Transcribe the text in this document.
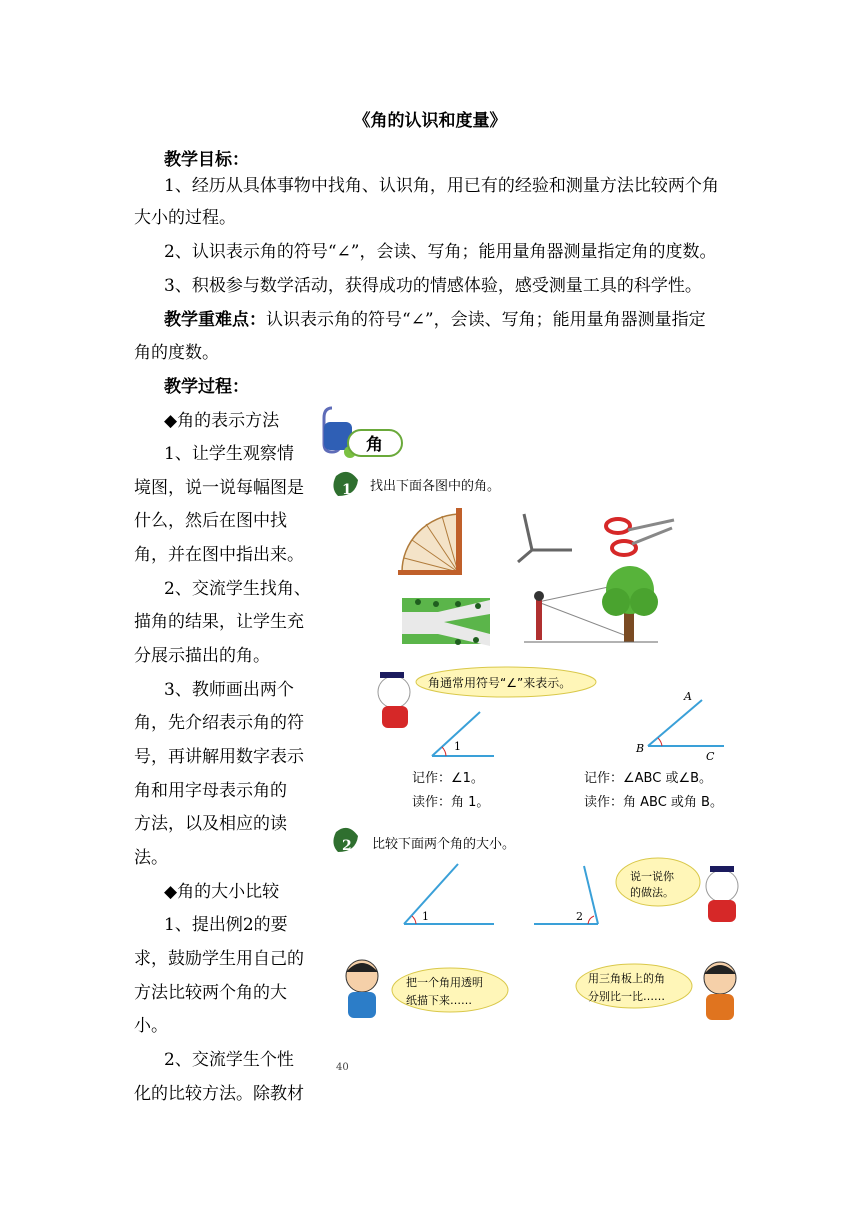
《角的认识和度量》
教学目标：
1、经历从具体事物中找角、认识角，用已有的经验和测量方法比较两个角
大小的过程。
2、认识表示角的符号“∠”，会读、写角；能用量角器测量指定角的度数。
3、积极参与数学活动，获得成功的情感体验，感受测量工具的科学性。
教学重难点：认识表示角的符号“∠”，会读、写角；能用量角器测量指定
角的度数。
教学过程：
◆角的表示方法
1、让学生观察情
境图，说一说每幅图是
什么，然后在图中找
角，并在图中指出来。
2、交流学生找角、
描角的结果，让学生充
分展示描出的角。
3、教师画出两个
角，先介绍表示角的符
号，再讲解用数字表示
角和用字母表示角的
方法，以及相应的读
法。
◆角的大小比较
1、提出例2的要
求，鼓励学生用自己的
方法比较两个角的大
小。
2、交流学生个性
化的比较方法。除教材
角
1 找出下面各图中的角。
角通常用符号“∠”来表示。
1
A
B
C
记作：∠1。
读作：角 1。
记作：∠ABC 或∠B。
读作：角 ABC 或角 B。
2 比较下面两个角的大小。
1	2
说一说你
的做法。
把一个角用透明
纸描下来……
用三角板上的角
分别比一比……
40
